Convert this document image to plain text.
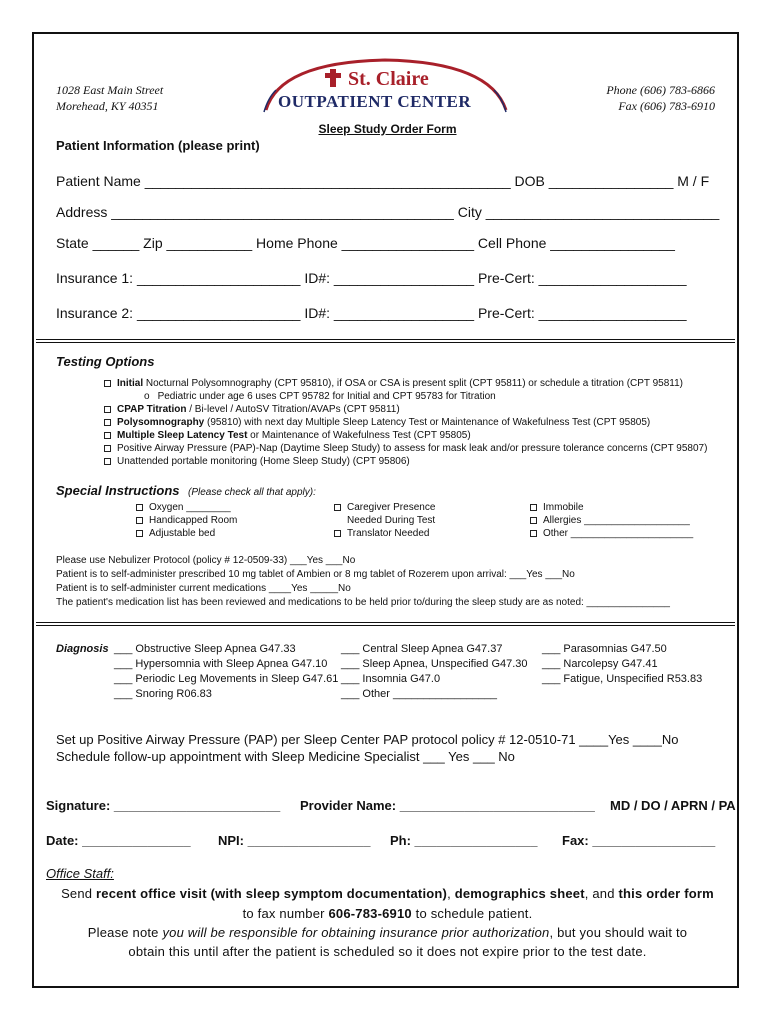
1028 East Main Street
Morehead, KY 40351
St. Claire
OUTPATIENT CENTER
Phone (606) 783-6866
Fax (606) 783-6910
Sleep Study Order Form
Patient Information (please print)
Patient Name _______________________________________________ DOB ________________ M / F
Address ____________________________________________ City ______________________________
State ______ Zip ___________ Home Phone _________________ Cell Phone ________________
Insurance 1: _____________________ ID#: __________________ Pre-Cert: ___________________
Insurance 2: _____________________ ID#: __________________ Pre-Cert: ___________________
Testing Options
Initial Nocturnal Polysomnography (CPT 95810), if OSA or CSA is present split (CPT 95811) or schedule a titration (CPT 95811)
o Pediatric under age 6 uses CPT 95782 for Initial and CPT 95783 for Titration
CPAP Titration / Bi-level / AutoSV Titration/AVAPs (CPT 95811)
Polysomnography (95810) with next day Multiple Sleep Latency Test or Maintenance of Wakefulness Test (CPT 95805)
Multiple Sleep Latency Test or Maintenance of Wakefulness Test (CPT 95805)
Positive Airway Pressure (PAP)-Nap (Daytime Sleep Study) to assess for mask leak and/or pressure tolerance concerns (CPT 95807)
Unattended portable monitoring (Home Sleep Study) (CPT 95806)
Special Instructions (Please check all that apply):
Oxygen ________
Handicapped Room
Adjustable bed
Caregiver Presence
Needed During Test
Translator Needed
Immobile
Allergies ___________________
Other ______________________
Please use Nebulizer Protocol (policy # 12-0509-33) ___Yes ___No
Patient is to self-administer prescribed 10 mg tablet of Ambien or 8 mg tablet of Rozerem upon arrival: ___Yes ___No
Patient is to self-administer current medications ____Yes _____No
The patient's medication list has been reviewed and medications to be held prior to/during the sleep study are as noted: _______________
Diagnosis ___ Obstructive Sleep Apnea G47.33
___ Hypersomnia with Sleep Apnea G47.10
___ Periodic Leg Movements in Sleep G47.61
___ Snoring R06.83
___ Central Sleep Apnea G47.37
___ Sleep Apnea, Unspecified G47.30
___ Insomnia G47.0
___ Other _________________
___ Parasomnias G47.50
___ Narcolepsy G47.41
___ Fatigue, Unspecified R53.83
Set up Positive Airway Pressure (PAP) per Sleep Center PAP protocol policy # 12-0510-71 ____Yes ____No
Schedule follow-up appointment with Sleep Medicine Specialist ___ Yes ___ No
Signature: _______________________ Provider Name: ___________________________ MD / DO / APRN / PA
Date: _______________ NPI: _________________ Ph: _________________ Fax: _________________
Office Staff:
Send recent office visit (with sleep symptom documentation), demographics sheet, and this order form
to fax number 606-783-6910 to schedule patient.
Please note you will be responsible for obtaining insurance prior authorization, but you should wait to
obtain this until after the patient is scheduled so it does not expire prior to the test date.
